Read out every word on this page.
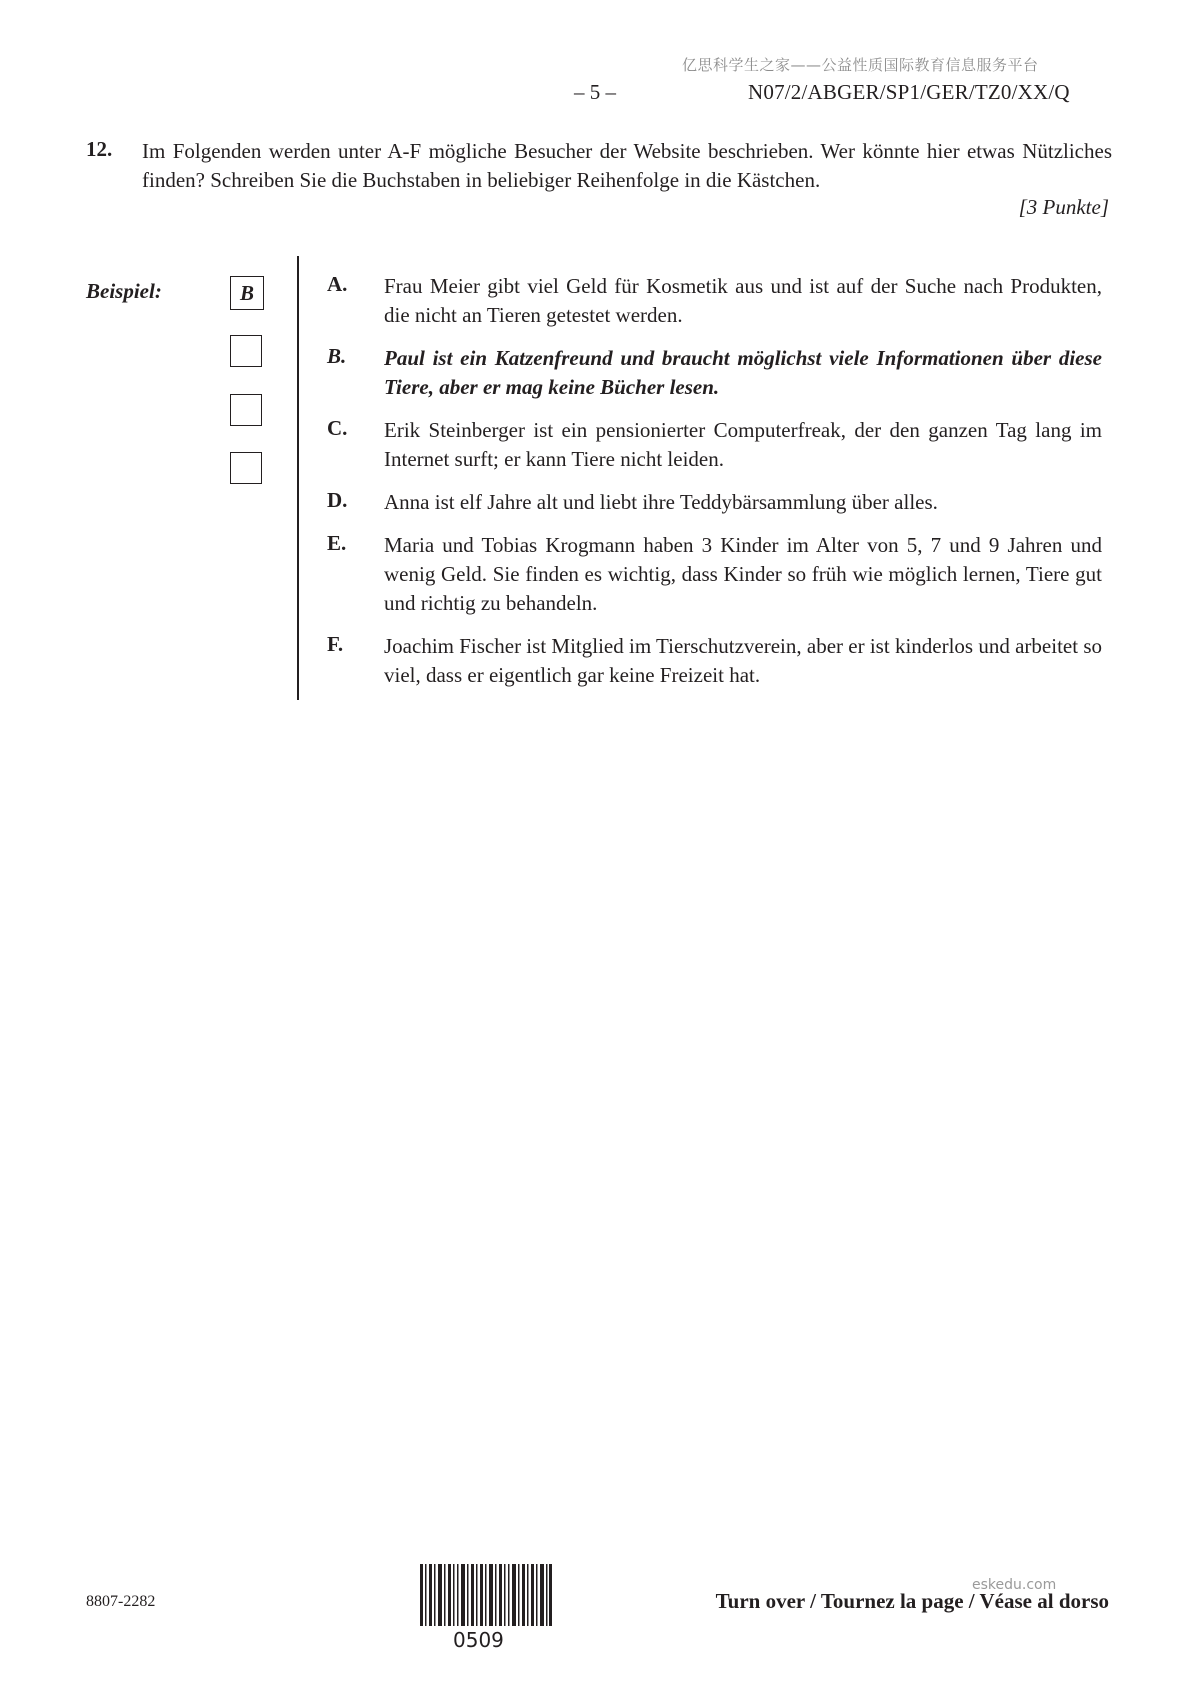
亿思科学生之家——公益性质国际教育信息服务平台
– 5 –	N07/2/ABGER/SP1/GER/TZ0/XX/Q
12. Im Folgenden werden unter A-F mögliche Besucher der Website beschrieben. Wer könnte hier etwas Nützliches finden? Schreiben Sie die Buchstaben in beliebiger Reihenfolge in die Kästchen.
[3 Punkte]
Beispiel:	B	A. Frau Meier gibt viel Geld für Kosmetik aus und ist auf der Suche nach Produkten, die nicht an Tieren getestet werden.
B. Paul ist ein Katzenfreund und braucht möglichst viele Informationen über diese Tiere, aber er mag keine Bücher lesen.
C. Erik Steinberger ist ein pensionierter Computerfreak, der den ganzen Tag lang im Internet surft; er kann Tiere nicht leiden.
D. Anna ist elf Jahre alt und liebt ihre Teddybärsammlung über alles.
E. Maria und Tobias Krogmann haben 3 Kinder im Alter von 5, 7 und 9 Jahren und wenig Geld. Sie finden es wichtig, dass Kinder so früh wie möglich lernen, Tiere gut und richtig zu behandeln.
F. Joachim Fischer ist Mitglied im Tierschutzverein, aber er ist kinderlos und arbeitet so viel, dass er eigentlich gar keine Freizeit hat.
8807-2282
0509
eskedu.com
Turn over / Tournez la page / Véase al dorso
